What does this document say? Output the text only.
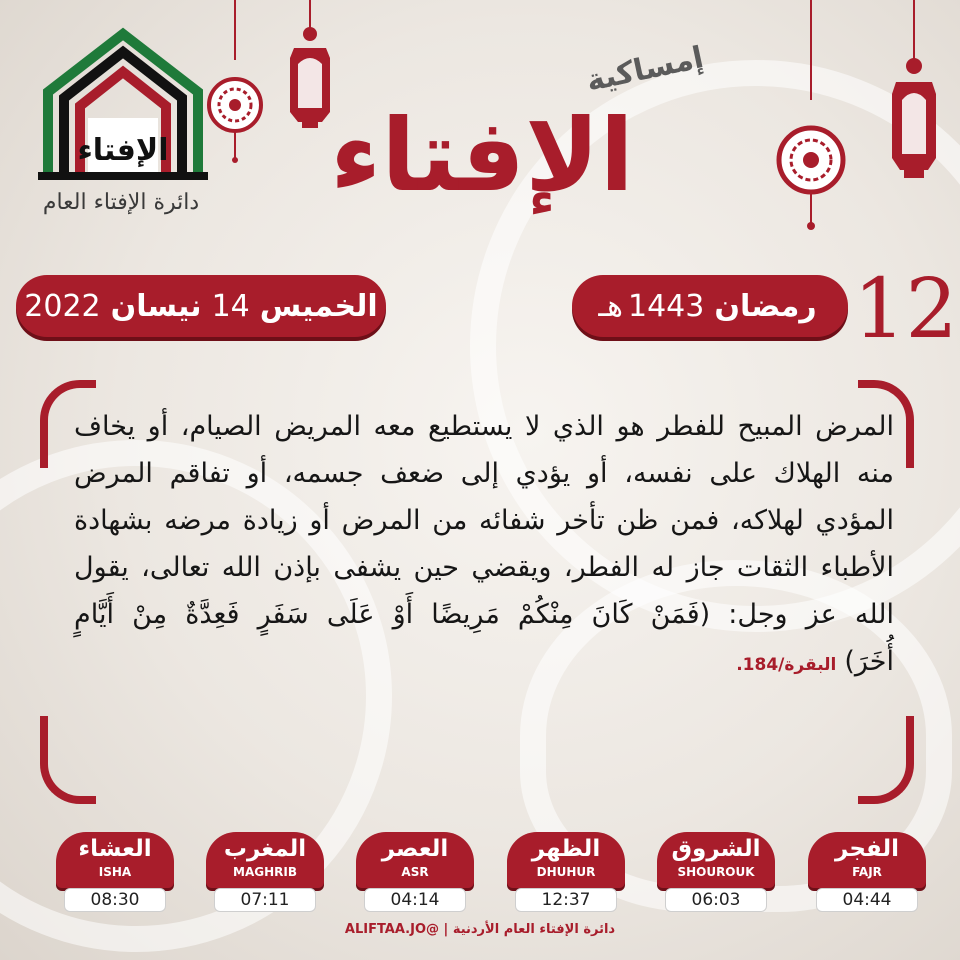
الإفتاء
دائرة الإفتاء العام
إمساكية
الإفتاء
12
رمضان
1443
هـ
الخميس
14
نيسان
2022
المرض المبيح للفطر هو الذي لا يستطيع معه المريض الصيام، أو يخاف منه الهلاك على نفسه، أو يؤدي إلى ضعف جسمه، أو تفاقم المرض المؤدي لهلاكه، فمن ظن تأخر شفائه من المرض أو زيادة مرضه بشهادة الأطباء الثقات جاز له الفطر، ويقضي حين يشفى بإذن الله تعالى، يقول الله عز وجل: (فَمَنْ كَانَ مِنْكُمْ مَرِيضًا أَوْ عَلَى سَفَرٍ فَعِدَّةٌ مِنْ أَيَّامٍ أُخَرَ)البقرة/184.
الفجر
FAJR
04:44
الشروق
SHOUROUK
06:03
الظهر
DHUHUR
12:37
العصر
ASR
04:14
المغرب
MAGHRIB
07:11
العشاء
ISHA
08:30
دائرة الإفتاء العام الأردنية | @ALIFTAA.JO
